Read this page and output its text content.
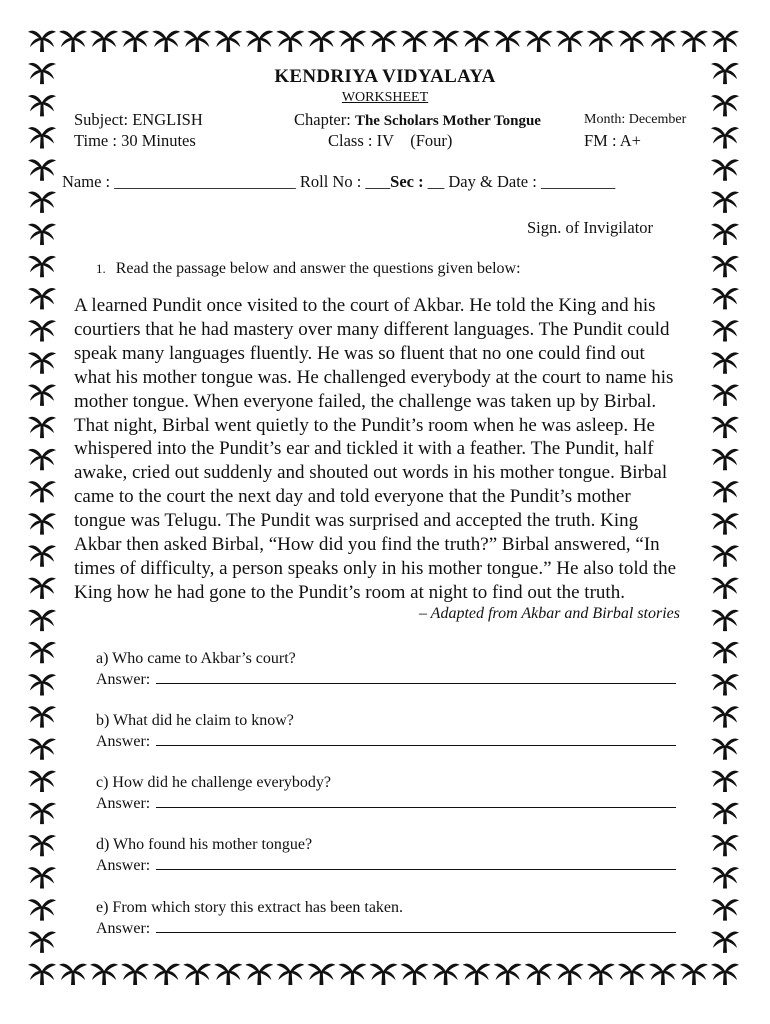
KENDRIYA VIDYALAYA
WORKSHEET
Subject: ENGLISH	Chapter: The Scholars Mother Tongue	Month: December
Time : 30 Minutes	Class : IV    (Four)	FM : A+
Name : ______________________ Roll No : ___Sec : __ Day & Date : _________
Sign. of Invigilator
1. Read the passage below and answer the questions given below:
A learned Pundit once visited to the court of Akbar. He told the King and his
courtiers that he had mastery over many different languages. The Pundit could
speak many languages fluently. He was so fluent that no one could find out
what his mother tongue was. He challenged everybody at the court to name his
mother tongue. When everyone failed, the challenge was taken up by Birbal.
That night, Birbal went quietly to the Pundit’s room when he was asleep. He
whispered into the Pundit’s ear and tickled it with a feather. The Pundit, half
awake, cried out suddenly and shouted out words in his mother tongue. Birbal
came to the court the next day and told everyone that the Pundit’s mother
tongue was Telugu. The Pundit was surprised and accepted the truth. King
Akbar then asked Birbal, “How did you find the truth?” Birbal answered, “In
times of difficulty, a person speaks only in his mother tongue.” He also told the
King how he had gone to the Pundit’s room at night to find out the truth.
– Adapted from Akbar and Birbal stories
a) Who came to Akbar’s court?
Answer:
b) What did he claim to know?
Answer:
c) How did he challenge everybody?
Answer:
d) Who found his mother tongue?
Answer:
e) From which story this extract has been taken.
Answer:
